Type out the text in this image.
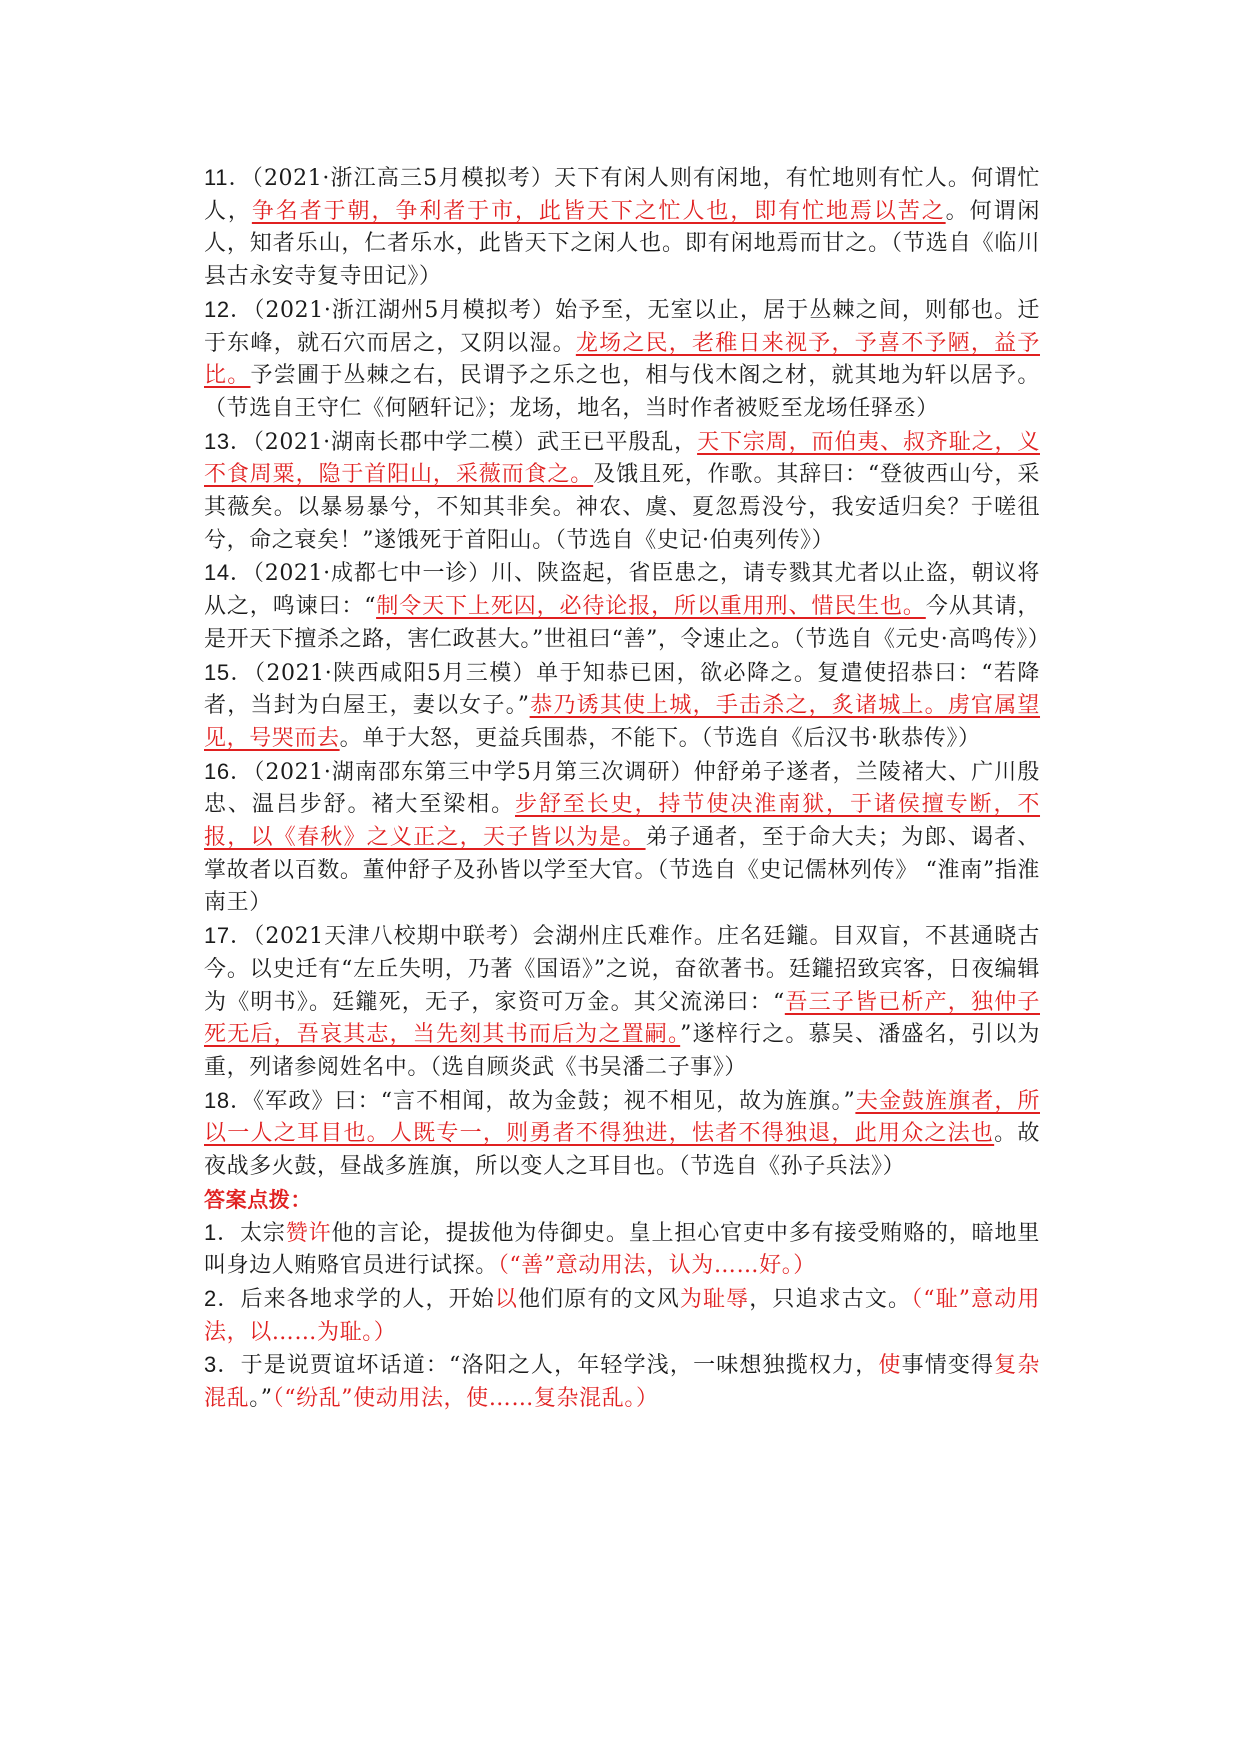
11．（2021·浙江高三5月模拟考）天下有闲人则有闲地，有忙地则有忙人。何谓忙人，争名者于朝，争利者于市，此皆天下之忙人也，即有忙地焉以苦之。何谓闲人，知者乐山，仁者乐水，此皆天下之闲人也。即有闲地焉而甘之。（节选自《临川县古永安寺复寺田记》）

12．（2021·浙江湖州5月模拟考）始予至，无室以止，居于丛棘之间，则郁也。迁于东峰，就石穴而居之，又阴以湿。龙场之民，老稚日来视予，予喜不予陋，益予比。予尝圃于丛棘之右，民谓予之乐之也，相与伐木阁之材，就其地为轩以居予。（节选自王守仁《何陋轩记》；龙场，地名，当时作者被贬至龙场任驿丞）

13．（2021·湖南长郡中学二模）武王已平殷乱，天下宗周，而伯夷、叔齐耻之，义不食周粟，隐于首阳山，采薇而食之。及饿且死，作歌。其辞曰：“登彼西山兮，采其薇矣。以暴易暴兮，不知其非矣。神农、虞、夏忽焉没兮，我安适归矣？于嗟徂兮，命之衰矣！”遂饿死于首阳山。（节选自《史记·伯夷列传》）

14．（2021·成都七中一诊）川、陕盗起，省臣患之，请专戮其尤者以止盗，朝议将从之，鸣谏曰：“制令天下上死囚，必待论报，所以重用刑、惜民生也。今从其请，是开天下擅杀之路，害仁政甚大。”世祖曰“善”，令速止之。（节选自《元史·高鸣传》）

15．（2021·陕西咸阳5月三模）单于知恭已困，欲必降之。复遣使招恭曰：“若降者，当封为白屋王，妻以女子。”恭乃诱其使上城，手击杀之，炙诸城上。虏官属望见，号哭而去。单于大怒，更益兵围恭，不能下。（节选自《后汉书·耿恭传》）

16．（2021·湖南邵东第三中学5月第三次调研）仲舒弟子遂者，兰陵褚大、广川殷忠、温吕步舒。褚大至梁相。步舒至长史，持节使决淮南狱，于诸侯擅专断，不报，以《春秋》之义正之，天子皆以为是。弟子通者，至于命大夫；为郎、谒者、掌故者以百数。董仲舒子及孙皆以学至大官。（节选自《史记儒林列传》 “淮南”指淮南王）

17．（2021天津八校期中联考）会湖州庄氏难作。庄名廷鑨。目双盲，不甚通晓古今。以史迁有“左丘失明，乃著《国语》”之说，奋欲著书。廷鑨招致宾客，日夜编辑为《明书》。廷鑨死，无子，家资可万金。其父流涕曰：“吾三子皆已析产，独仲子死无后，吾哀其志，当先刻其书而后为之置嗣。”遂梓行之。慕吴、潘盛名，引以为重，列诸参阅姓名中。（选自顾炎武《书吴潘二子事》）

18．《军政》曰：“言不相闻，故为金鼓；视不相见，故为旌旗。”夫金鼓旌旗者，所以一人之耳目也。人既专一，则勇者不得独进，怯者不得独退，此用众之法也。故夜战多火鼓，昼战多旌旗，所以变人之耳目也。（节选自《孙子兵法》）

答案点拨：

1．太宗赞许他的言论，提拔他为侍御史。皇上担心官吏中多有接受贿赂的，暗地里叫身边人贿赂官员进行试探。（“善”意动用法，认为……好。）

2．后来各地求学的人，开始以他们原有的文风为耻辱，只追求古文。（“耻”意动用法，以……为耻。）

3．于是说贾谊坏话道：“洛阳之人，年轻学浅，一味想独揽权力，使事情变得复杂混乱。”（“纷乱”使动用法，使……复杂混乱。）
